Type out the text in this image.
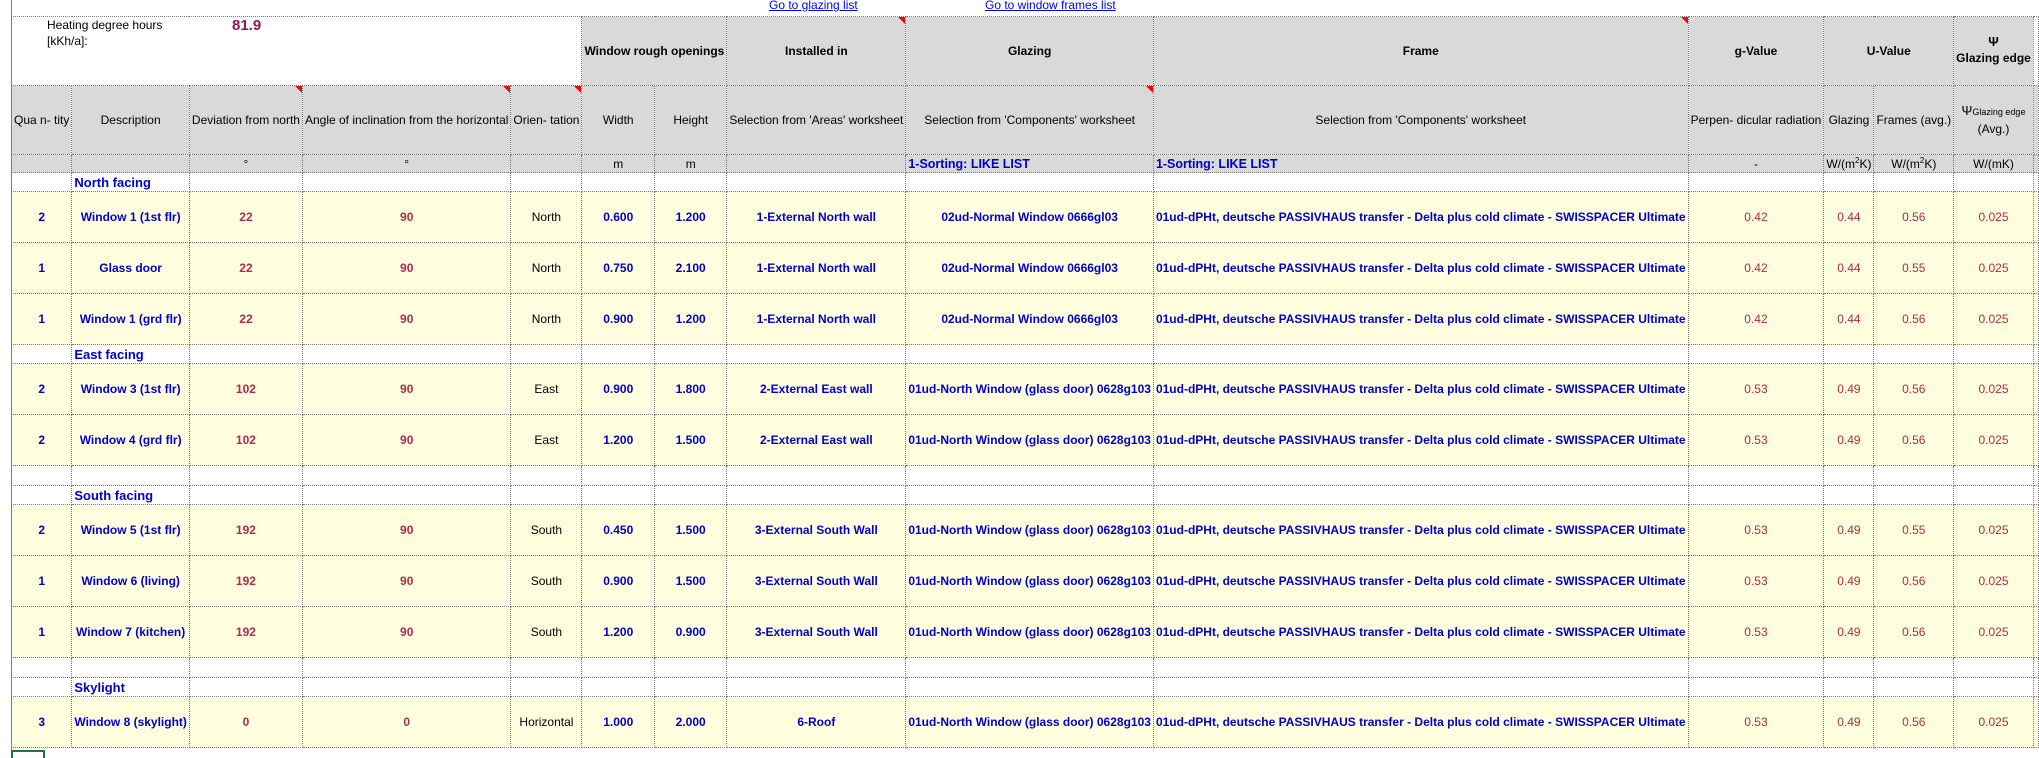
Heating degree hours [kKh/a]:
81.9
Go to glazing list	Go to window frames list
					Window rough openings		Installed in	Glazing	Frame	g-Value	U-Value		Ψ
Glazing edge	

Qua n- tity	Description	Deviation from north	Angle of inclination from the horizontal	Orien- tation	Width	Height	Selection from 'Areas' worksheet	Selection from 'Components' worksheet	Selection from 'Components' worksheet	Perpen- dicular radiation	Glazing	Frames (avg.)	ΨGlazing edge
(Avg.)	
		°	°		m	m		1-Sorting: LIKE LIST	1-Sorting: LIKE LIST	-	$W/(m^2K)$	$W/(m^2K)$	W/(mK)	
	North facing													
2	Window 1 (1st flr)	22	90	North	0.600	1.200	1-External North wall	02ud-Normal Window 0666gl03	01ud-dPHt, deutsche PASSIVHAUS transfer - Delta plus cold climate - SWISSPACER Ultimate	0.42	0.44	0.56	0.025	
1	Glass door	22	90	North	0.750	2.100	1-External North wall	02ud-Normal Window 0666gl03	01ud-dPHt, deutsche PASSIVHAUS transfer - Delta plus cold climate - SWISSPACER Ultimate	0.42	0.44	0.55	0.025	
1	Window 1 (grd flr)	22	90	North	0.900	1.200	1-External North wall	02ud-Normal Window 0666gl03	01ud-dPHt, deutsche PASSIVHAUS transfer - Delta plus cold climate - SWISSPACER Ultimate	0.42	0.44	0.56	0.025	
	East facing													
2	Window 3 (1st flr)	102	90	East	0.900	1.800	2-External East wall	01ud-North Window (glass door) 0628g103	01ud-dPHt, deutsche PASSIVHAUS transfer - Delta plus cold climate - SWISSPACER Ultimate	0.53	0.49	0.56	0.025	
2	Window 4 (grd flr)	102	90	East	1.200	1.500	2-External East wall	01ud-North Window (glass door) 0628g103	01ud-dPHt, deutsche PASSIVHAUS transfer - Delta plus cold climate - SWISSPACER Ultimate	0.53	0.49	0.56	0.025	

	South facing													
2	Window 5 (1st flr)	192	90	South	0.450	1.500	3-External South Wall	01ud-North Window (glass door) 0628g103	01ud-dPHt, deutsche PASSIVHAUS transfer - Delta plus cold climate - SWISSPACER Ultimate	0.53	0.49	0.55	0.025	
1	Window 6 (living)	192	90	South	0.900	1.500	3-External South Wall	01ud-North Window (glass door) 0628g103	01ud-dPHt, deutsche PASSIVHAUS transfer - Delta plus cold climate - SWISSPACER Ultimate	0.53	0.49	0.56	0.025	
1	Window 7 (kitchen)	192	90	South	1.200	0.900	3-External South Wall	01ud-North Window (glass door) 0628g103	01ud-dPHt, deutsche PASSIVHAUS transfer - Delta plus cold climate - SWISSPACER Ultimate	0.53	0.49	0.56	0.025	

	Skylight													
3	Window 8 (skylight)	0	0	Horizontal	1.000	2.000	6-Roof	01ud-North Window (glass door) 0628g103	01ud-dPHt, deutsche PASSIVHAUS transfer - Delta plus cold climate - SWISSPACER Ultimate	0.53	0.49	0.56	0.025	
